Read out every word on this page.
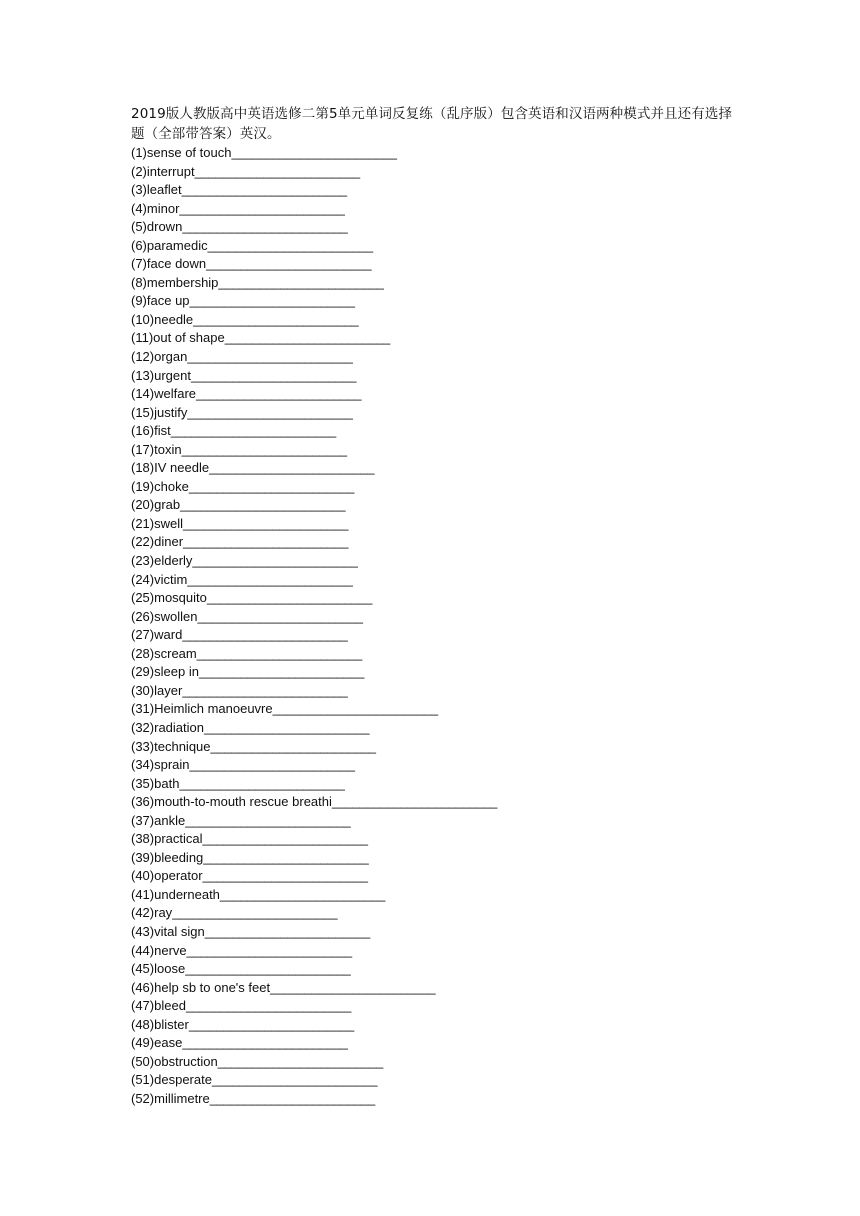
2019版人教版高中英语选修二第5单元单词反复练（乱序版）包含英语和汉语两种模式并且还有选择题（全部带答案）英汉。

(1)sense of touch________________________
(2)interrupt________________________
(3)leaflet________________________
(4)minor________________________
(5)drown________________________
(6)paramedic________________________
(7)face down________________________
(8)membership________________________
(9)face up________________________
(10)needle________________________
(11)out of shape________________________
(12)organ________________________
(13)urgent________________________
(14)welfare________________________
(15)justify________________________
(16)fist________________________
(17)toxin________________________
(18)IV needle________________________
(19)choke________________________
(20)grab________________________
(21)swell________________________
(22)diner________________________
(23)elderly________________________
(24)victim________________________
(25)mosquito________________________
(26)swollen________________________
(27)ward________________________
(28)scream________________________
(29)sleep in________________________
(30)layer________________________
(31)Heimlich manoeuvre________________________
(32)radiation________________________
(33)technique________________________
(34)sprain________________________
(35)bath________________________
(36)mouth-to-mouth rescue breathi________________________
(37)ankle________________________
(38)practical________________________
(39)bleeding________________________
(40)operator________________________
(41)underneath________________________
(42)ray________________________
(43)vital sign________________________
(44)nerve________________________
(45)loose________________________
(46)help sb to one's feet________________________
(47)bleed________________________
(48)blister________________________
(49)ease________________________
(50)obstruction________________________
(51)desperate________________________
(52)millimetre________________________
